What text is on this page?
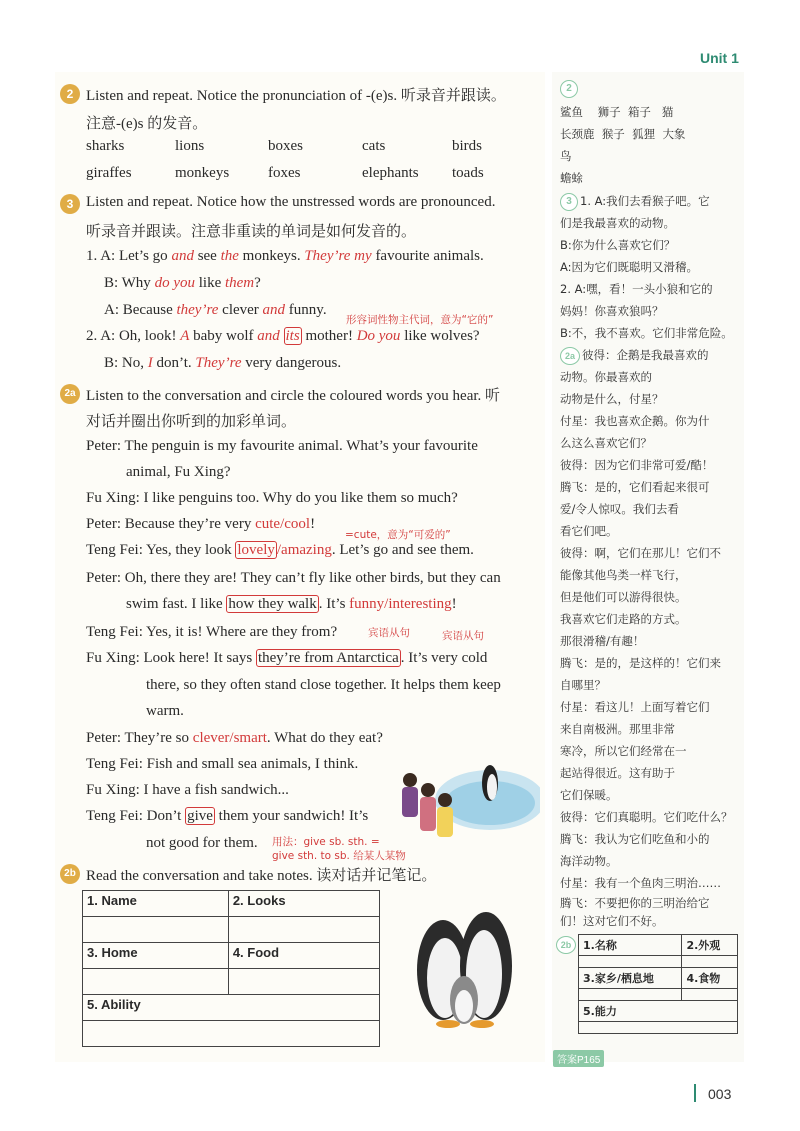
Unit 1
2 Listen and repeat. Notice the pronunciation of -(e)s. 听录音并跟读。
注意-(e)s 的发音。
sharks	lions	boxes	cats	birds
giraffes	monkeys	foxes	elephants toads
3 Listen and repeat. Notice how the unstressed words are pronounced.
听录音并跟读。注意非重读的单词是如何发音的。
1. A: Let’s go and see the monkeys. They’re my favourite animals.
B: Why do you like them?
A: Because they’re clever and funny.
形容词性物主代词，意为“它的”
2. A: Oh, look! A baby wolf and its mother! Do you like wolves?
B: No, I don’t. They’re very dangerous.
2a Listen to the conversation and circle the coloured words you hear. 听
对话并圈出你听到的加彩单词。
Peter: The penguin is my favourite animal. What’s your favourite
animal, Fu Xing?
Fu Xing: I like penguins too. Why do you like them so much?
Peter: Because they’re very cute/cool!
=cute，意为“可爱的”
Teng Fei: Yes, they look lovely /amazing. Let’s go and see them.
Peter: Oh, there they are! They can’t fly like other birds, but they can
swim fast. I like how they walk . It’s funny/interesting!
Teng Fei: Yes, it is! Where are they from?	宾语从句	宾语从句
Fu Xing: Look here! It says they’re from Antarctica . It’s very cold
there, so they often stand close together. It helps them keep
warm.
Peter: They’re so clever/smart. What do they eat?
Teng Fei: Fish and small sea animals, I think.
Fu Xing: I have a fish sandwich...
Teng Fei: Don’t give them your sandwich! It’s
not good for them. 用法：give sb. sth. =
give sth. to sb. 给某人某物
2b Read the conversation and take notes. 读对话并记笔记。
1. Name	2. Looks

3. Home	4. Food

5. Ability	

2
鲨鱼 狮子 箱子 猫
长颈鹿 猴子 狐狸 大象
鸟
蟾蜍
3 1. A:我们去看猴子吧。它
们是我最喜欢的动物。
B:你为什么喜欢它们？
A:因为它们既聪明又滑稽。
2. A:嘿，看！一头小狼和它的
妈妈！你喜欢狼吗？
B:不，我不喜欢。它们非常危险。
2a 彼得：企鹅是我最喜欢的
动物。你最喜欢的
动物是什么，付星？
付星：我也喜欢企鹅。你为什
么这么喜欢它们？
彼得：因为它们非常可爱/酷！
腾飞：是的，它们看起来很可
爱/令人惊叹。我们去看
看它们吧。
彼得：啊，它们在那儿！它们不
能像其他鸟类一样飞行，
但是他们可以游得很快。
我喜欢它们走路的方式。
那很滑稽/有趣！
腾飞：是的，是这样的！它们来
自哪里？
付星：看这儿！上面写着它们
来自南极洲。那里非常
寒冷，所以它们经常在一
起站得很近。这有助于
它们保暖。
彼得：它们真聪明。它们吃什么？
腾飞：我认为它们吃鱼和小的
海洋动物。
付星：我有一个鱼肉三明治……
腾飞：不要把你的三明治给它
们！这对它们不好。
2b	1.名称	2.外观

3.家乡/栖息地	4.食物

5.能力	

答案P165
003
